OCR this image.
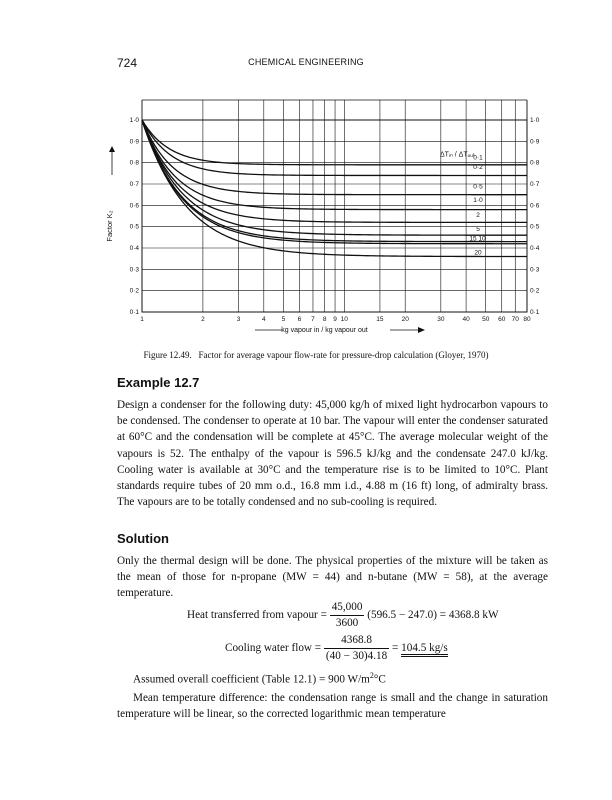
724	CHEMICAL ENGINEERING
1	2	3	4 5 6 7 8 9 10	15	20	30	40 50 60 70 80
0·1	0·1
0·2	0·2
0·3	0·3
0·4	0·4
0·5	0·5
0·6	0·6
0·7	0·7
0·8	0·8
0·9	0·9
1·0	1·0
ΔTᵢₙ / ΔTₒᵤₜ
0·1
0·2
0·5
1·0
2
5
15 10
20
Factor K₂
kg vapour in / kg vapour out
Figure 12.49. Factor for average vapour flow-rate for pressure-drop calculation (Gloyer, 1970)
Example 12.7

Design a condenser for the following duty: 45,000 kg/h of mixed light hydrocarbon vapours to be condensed. The condenser to operate at 10 bar. The vapour will enter the condenser saturated at 60°C and the condensation will be complete at 45°C. The average molecular weight of the vapours is 52. The enthalpy of the vapour is 596.5 kJ/kg and the condensate 247.0 kJ/kg. Cooling water is available at 30°C and the temperature rise is to be limited to 10°C. Plant standards require tubes of 20 mm o.d., 16.8 mm i.d., 4.88 m (16 ft) long, of admiralty brass. The vapours are to be totally condensed and no sub-cooling is required.

Solution

Only the thermal design will be done. The physical properties of the mixture will be taken as the mean of those for n-propane (MW = 44) and n-butane (MW = 58), at the average temperature.

Heat transferred from vapour = $\frac{45,000}{3600} (596.5 - 247.0) = 4368.8$ kW
Cooling water flow = $\frac{4368.8}{(40 - 30)4.18} = 104.5$ kg/s
Assumed overall coefficient (Table 12.1) = 900 $W/m^2^\circ C$

Mean temperature difference: the condensation range is small and the change in saturation temperature will be linear, so the corrected logarithmic mean temperature
